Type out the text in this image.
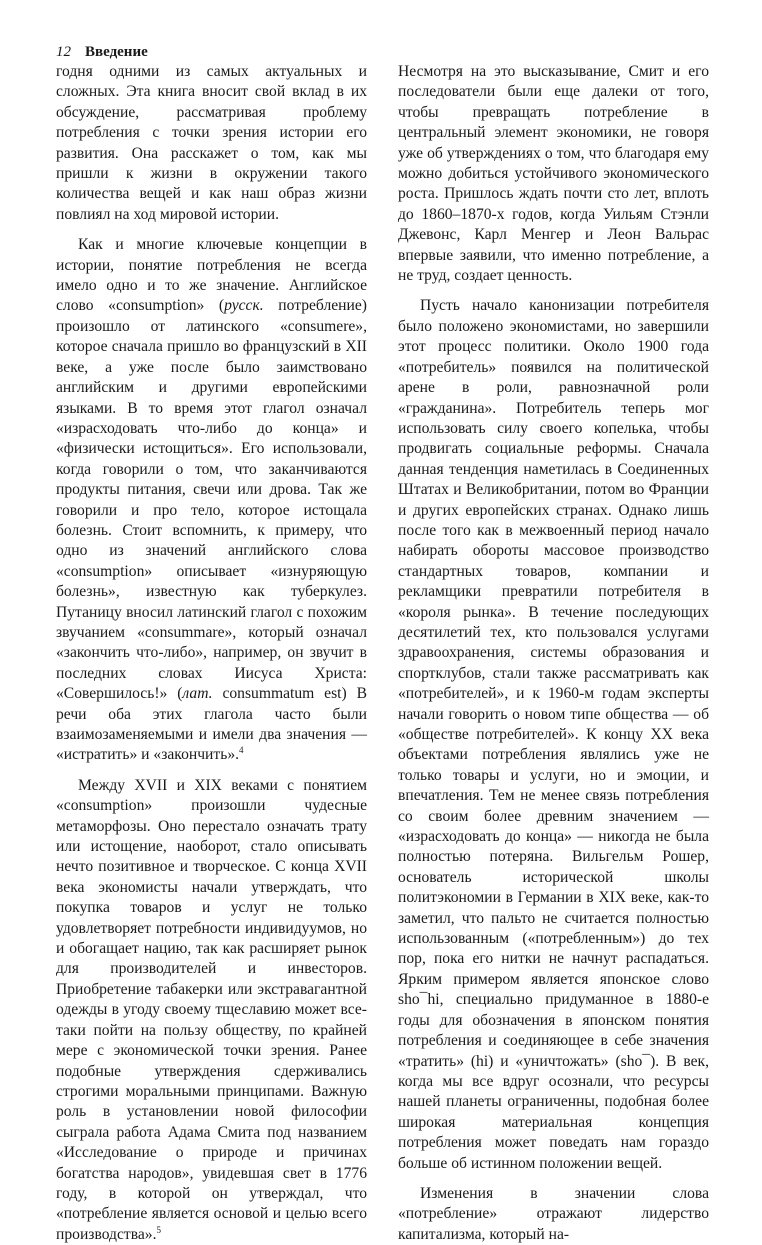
12 Введение

годня одними из самых актуальных и сложных. Эта книга вносит свой вклад в их обсуждение, рассматривая проблему потребления с точки зрения истории его развития. Она расскажет о том, как мы пришли к жизни в окружении такого количества вещей и как наш образ жизни повлиял на ход мировой истории.

Как и многие ключевые концепции в истории, понятие потребления не всегда имело одно и то же значение. Английское слово «consumption» (русск. потребление) произошло от латинского «consumere», которое сначала пришло во французский в XII веке, а уже после было заимствовано английским и другими европейскими языками. В то время этот глагол означал «израсходовать что-либо до конца» и «физически истощиться». Его использовали, когда говорили о том, что заканчиваются продукты питания, свечи или дрова. Так же говорили и про тело, которое истощала болезнь. Стоит вспомнить, к примеру, что одно из значений английского слова «consumption» описывает «изнуряющую болезнь», известную как туберкулез. Путаницу вносил латинский глагол с похожим звучанием «consummare», который означал «закончить что-либо», например, он звучит в последних словах Иисуса Христа: «Совершилось!» (лат. consummatum est) В речи оба этих глагола часто были взаимозаменяемыми и имели два значения — «истратить» и «закончить».$^4$

Между XVII и XIX веками с понятием «consumption» произошли чудесные метаморфозы. Оно перестало означать трату или истощение, наоборот, стало описывать нечто позитивное и творческое. С конца XVII века экономисты начали утверждать, что покупка товаров и услуг не только удовлетворяет потребности индивидуумов, но и обогащает нацию, так как расширяет рынок для производителей и инвесторов. Приобретение табакерки или экстравагантной одежды в угоду своему тщеславию может все-таки пойти на пользу обществу, по крайней мере с экономической точки зрения. Ранее подобные утверждения сдерживались строгими моральными принципами. Важную роль в установлении новой философии сыграла работа Адама Смита под названием «Исследование о природе и причинах богатства народов», увидевшая свет в 1776 году, в которой он утверждал, что «потребление является основой и целью всего производства».$^5$

Несмотря на это высказывание, Смит и его последователи были еще далеки от того, чтобы превращать потребление в центральный элемент экономики, не говоря уже об утверждениях о том, что благодаря ему можно добиться устойчивого экономического роста. Пришлось ждать почти сто лет, вплоть до 1860–1870-х годов, когда Уильям Стэнли Джевонс, Карл Менгер и Леон Вальрас впервые заявили, что именно потребление, а не труд, создает ценность.

Пусть начало канонизации потребителя было положено экономистами, но завершили этот процесс политики. Около 1900 года «потребитель» появился на политической арене в роли, равнозначной роли «гражданина». Потребитель теперь мог использовать силу своего копелька, чтобы продвигать социальные реформы. Сначала данная тенденция наметилась в Соединенных Штатах и Великобритании, потом во Франции и других европейских странах. Однако лишь после того как в межвоенный период начало набирать обороты массовое производство стандартных товаров, компании и рекламщики превратили потребителя в «короля рынка». В течение последующих десятилетий тех, кто пользовался услугами здравоохранения, системы образования и спортклубов, стали также рассматривать как «потребителей», и к 1960-м годам эксперты начали говорить о новом типе общества — об «обществе потребителей». К концу XX века объектами потребления являлись уже не только товары и услуги, но и эмоции, и впечатления. Тем не менее связь потребления со своим более древним значением — «израсходовать до конца» — никогда не была полностью потеряна. Вильгельм Рошер, основатель исторической школы политэкономии в Германии в XIX веке, как-то заметил, что пальто не считается полностью использованным («потребленным») до тех пор, пока его нитки не начнут распадаться. Ярким примером является японское слово sho¯hi, специально придуманное в 1880-е годы для обозначения в японском понятия потребления и соединяющее в себе значения «тратить» (hi) и «уничтожать» (sho¯). В век, когда мы все вдруг осознали, что ресурсы нашей планеты ограниченны, подобная более широкая материальная концепция потребления может поведать нам гораздо больше об истинном положении вещей.

Изменения в значении слова «потребление» отражают лидерство капитализма, который на-
